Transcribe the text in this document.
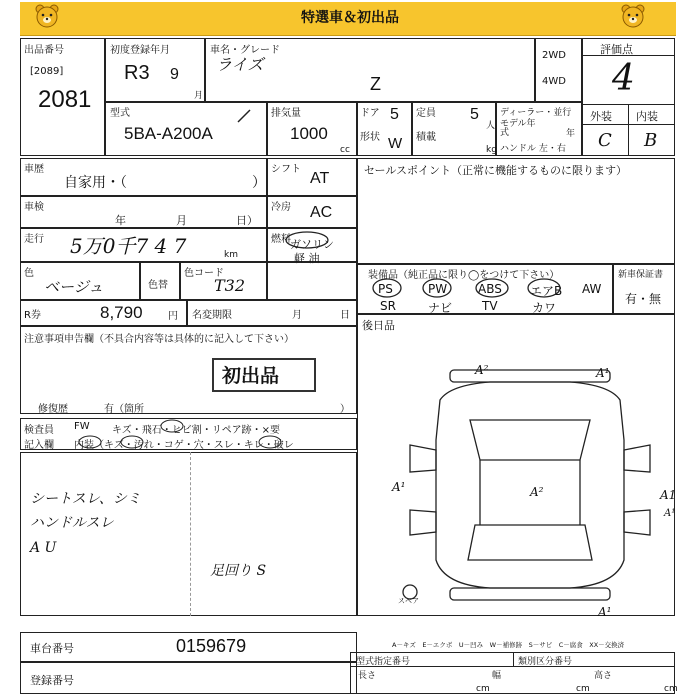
特選車＆初出品
出品番号
[2089]
2081
初度登録年月
R3 9
月
車名・グレード
ライズ
Z
型式
5BA-A200A
排気量
1000
cc
ドア 5
形状 W
定員 5
人
積載
kg
ディーラー・並行
モデル年式	年
ハンドル 左・右
2WD
4WD
評価点
4
外装 内装
C B
車歴
自家用・（	）
シフト
AT	セールスポイント（正常に機能するものに限ります）
車検
年	月	日）
冷房 AC
走行 5万0千7 4 7	km
燃料 ガソリン
軽 油
色
ベージュ	色替
色コード
T32
装備品（純正品に限り◯をつけて下さい）
PS	PW	ABS エアB AW
SR	ナビ TV	カワ
新車保証書
有・無
R券	8,790	円 名変期限	月	日
後日品
注意事項申告欄（不具合内容等は具体的に記入して下さい）
初出品
修復歴	有（箇所	）
検査員
記入欄
FW キズ・飛石・ヒビ割・リペア跡・×要
内装（キズ・汚れ・コゲ・穴・スレ・キレ・破レ
シートスレ、シミ
ハンドルスレ
A U
足回り S
A²	A¹
A¹	A²	A1
A¹
A¹
スペア
車台番号	0159679
登録番号
A－キズ　E－エクボ　U－凹み　W－補修跡　S－サビ　C－腐食　XX－交換済
型式指定番号	類別区分番号
長さ
cm
幅
cm
高さ
cm
